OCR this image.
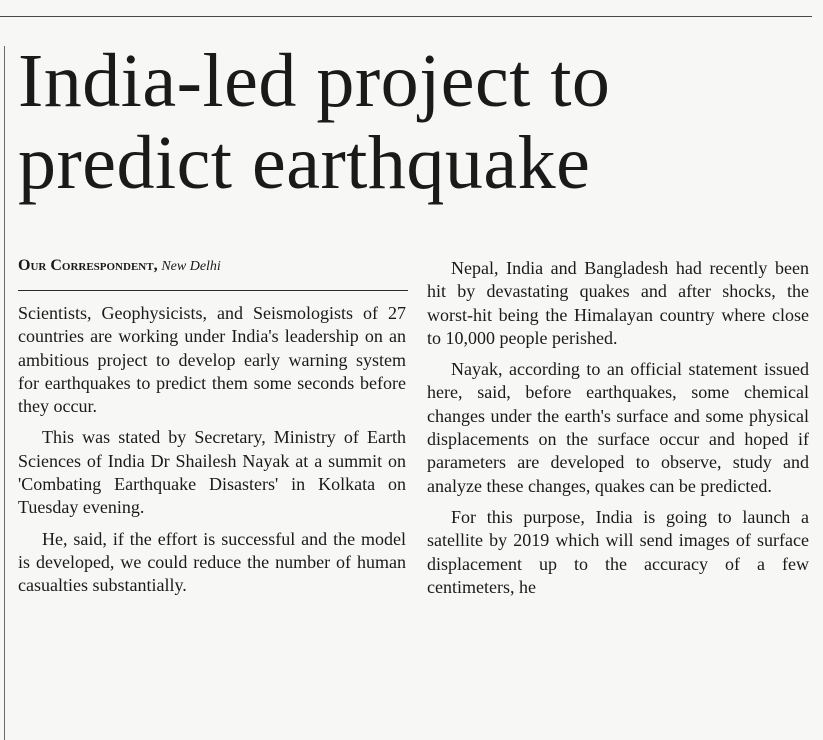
India-led project to predict earthquake
Our Correspondent, New Delhi

Scientists, Geophysicists, and Seismologists of 27 countries are working under India's leadership on an ambitious project to develop early warning system for earthquakes to predict them some seconds before they occur.

This was stated by Secretary, Ministry of Earth Sciences of India Dr Shailesh Nayak at a summit on 'Combating Earthquake Disasters' in Kolkata on Tuesday evening.

He, said, if the effort is successful and the model is developed, we could reduce the number of human casualties substantially.

Nepal, India and Bangladesh had recently been hit by devastating quakes and after shocks, the worst-hit being the Himalayan country where close to 10,000 people perished.

Nayak, according to an official statement issued here, said, before earthquakes, some chemical changes under the earth's surface and some physical displacements on the surface occur and hoped if parameters are developed to observe, study and analyze these changes, quakes can be predicted.

For this purpose, India is going to launch a satellite by 2019 which will send images of surface displacement up to the accuracy of a few centimeters, he
